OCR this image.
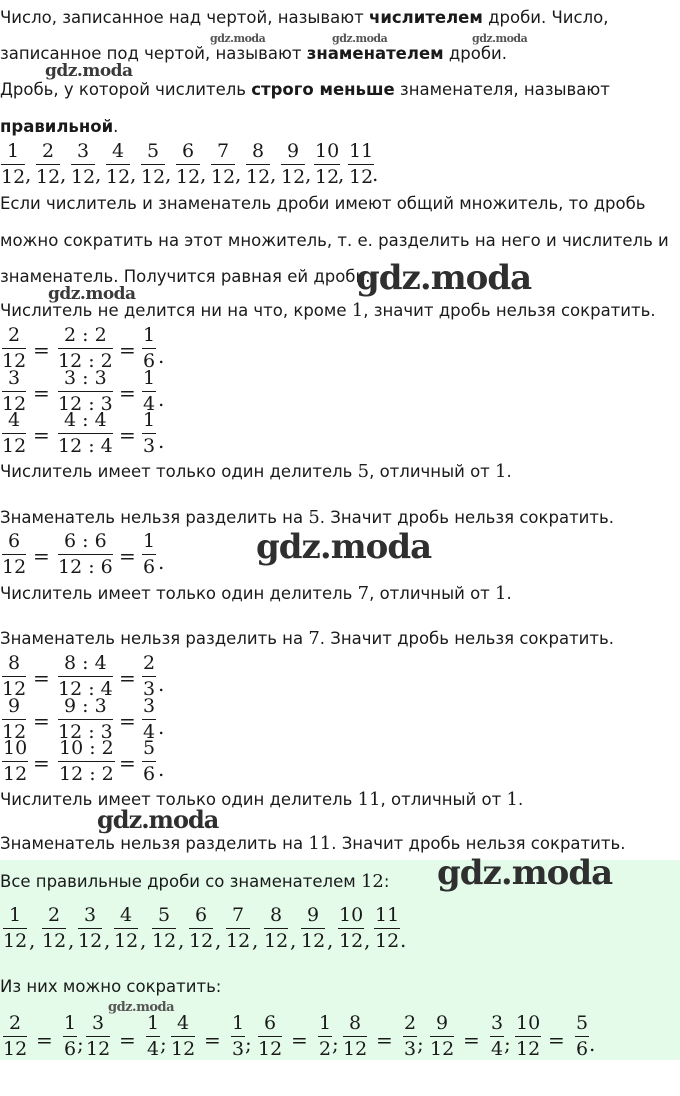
Число, записанное над чертой, называют числителем дроби. Число,
записанное под чертой, называют знаменателем дроби.
Дробь, у которой числитель строго меньше знаменателя, называют
правильной.
$\frac{1}{12}$ , $\frac{2}{12}$ , $\frac{3}{12}$ , $\frac{4}{12}$ , $\frac{5}{12}$ , $\frac{6}{12}$ , $\frac{7}{12}$ , $\frac{8}{12}$ , $\frac{9}{12}$ , $\frac{10}{12}$
, $\frac{11}{12}$
.
Если числитель и знаменатель дроби имеют общий множитель, то дробь
можно сократить на этот множитель, т. е. разделить на него и числитель и
знаменатель. Получится равная ей дробь.
Числитель не делится ни на что, кроме 1, значит дробь нельзя сократить.
$\frac{2}{12} = \frac{2 : 2}{12 : 2} = \frac{1}{6}$ .
$\frac{3}{12} = \frac{3 : 3}{12 : 3} = \frac{1}{4}$ .
$\frac{4}{12} = \frac{4 : 4}{12 : 4} = \frac{1}{3}$ .
Числитель имеет только один делитель 5, отличный от 1.
Знаменатель нельзя разделить на 5. Значит дробь нельзя сократить.
$\frac{6}{12} = \frac{6 : 6}{12 : 6} = \frac{1}{6}$ .
Числитель имеет только один делитель 7, отличный от 1.
Знаменатель нельзя разделить на 7. Значит дробь нельзя сократить.
$\frac{8}{12} = \frac{8 : 4}{12 : 4} = \frac{2}{3}$ .
$\frac{9}{12} = \frac{9 : 3}{12 : 3} = \frac{3}{4}$ .
$\frac{10}{12} = \frac{10 : 2}{12 : 2} = \frac{5}{6}$ .
Числитель имеет только один делитель 11, отличный от 1.
Знаменатель нельзя разделить на 11. Значит дробь нельзя сократить.
Все правильные дроби со знаменателем 12:
$\frac{1}{12}$ , $\frac{2}{12}$ , $\frac{3}{12}$ , $\frac{4}{12}$ , $\frac{5}{12}$ , $\frac{6}{12}$ , $\frac{7}{12}$ , $\frac{8}{12}$ , $\frac{9}{12}$ , $\frac{10}{12}$ , $\frac{11}{12}$ .
Из них можно сократить:
$\frac{2}{12} = \frac{1}{6}$ ; $\frac{3}{12} = \frac{1}{4}$ ; $\frac{4}{12} = \frac{1}{3}$ ; $\frac{6}{12} = \frac{1}{2}$ ; $\frac{8}{12} = \frac{2}{3}$ ; $\frac{9}{12} = \frac{3}{4}$ ; $\frac{10}{12} = \frac{5}{6}$ .
gdz.moda	gdz.moda	gdz.moda
gdz.moda
gdz.moda
gdz.moda
gdz.moda
gdz.moda
gdz.moda
gdz.moda
